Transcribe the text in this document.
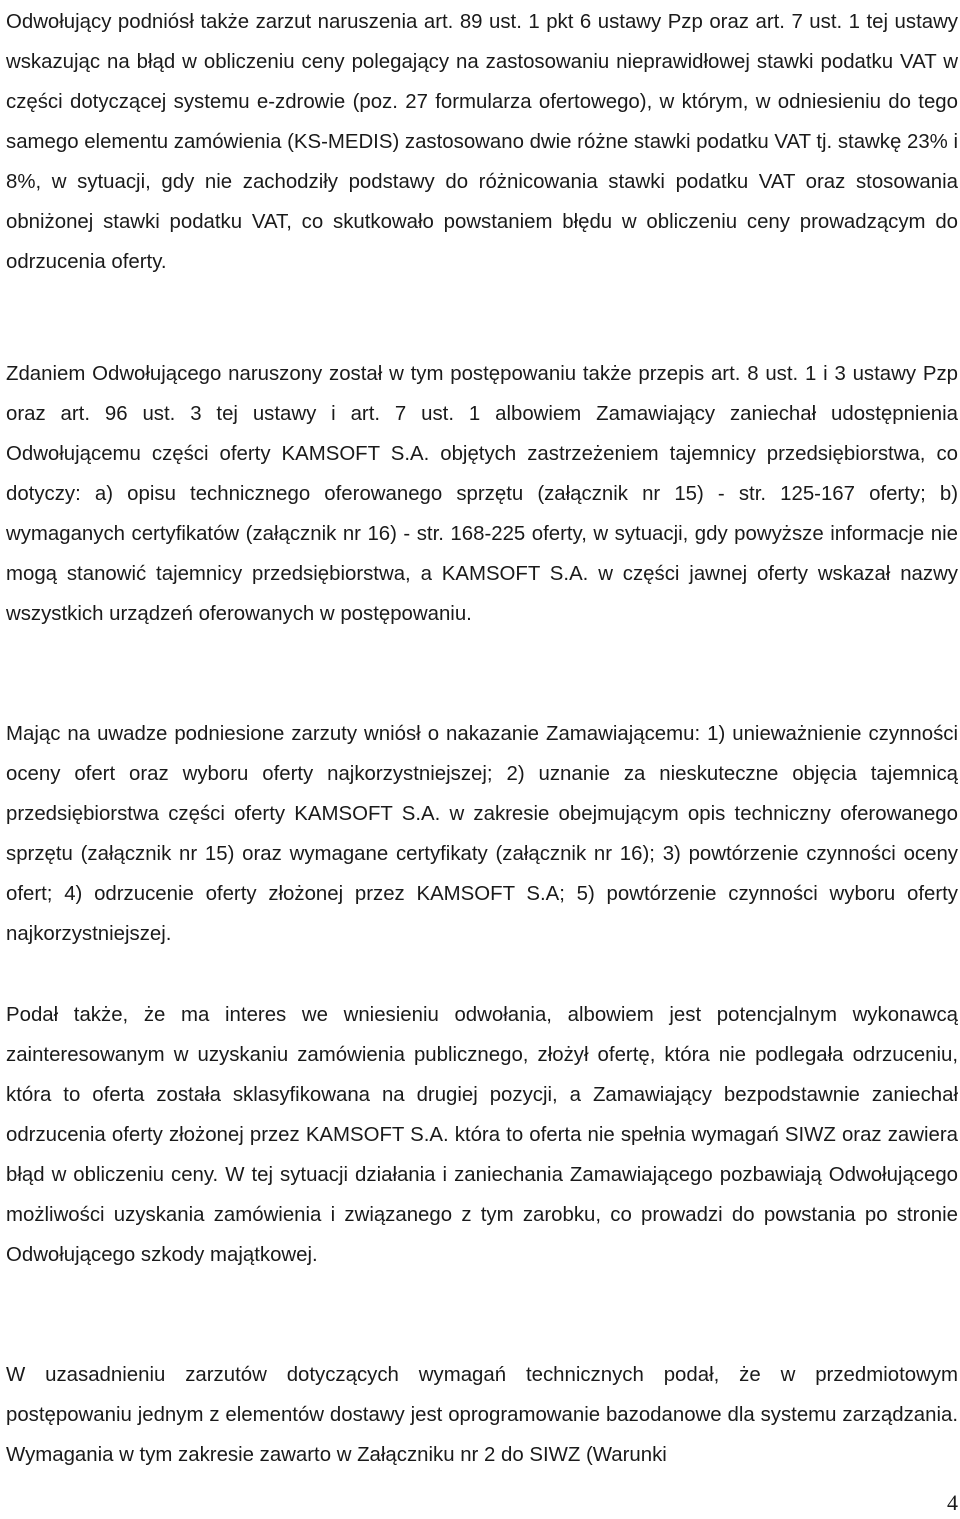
Odwołujący podniósł także zarzut naruszenia art. 89 ust. 1 pkt 6 ustawy Pzp oraz art. 7 ust. 1 tej ustawy wskazując na błąd w obliczeniu ceny polegający na zastosowaniu nieprawidłowej stawki podatku VAT w części dotyczącej systemu e-zdrowie (poz. 27 formularza ofertowego), w którym, w odniesieniu do tego samego elementu zamówienia (KS-MEDIS) zastosowano dwie różne stawki podatku VAT tj. stawkę 23% i 8%, w sytuacji, gdy nie zachodziły podstawy do różnicowania stawki podatku VAT oraz stosowania obniżonej stawki podatku VAT, co skutkowało powstaniem błędu w obliczeniu ceny prowadzącym do odrzucenia oferty.

Zdaniem Odwołującego naruszony został w tym postępowaniu także przepis art. 8 ust. 1 i 3 ustawy Pzp oraz art. 96 ust. 3 tej ustawy i art. 7 ust. 1 albowiem Zamawiający zaniechał udostępnienia Odwołującemu części oferty KAMSOFT S.A. objętych zastrzeżeniem tajemnicy przedsiębiorstwa, co dotyczy: a) opisu technicznego oferowanego sprzętu (załącznik nr 15) - str. 125-167 oferty; b) wymaganych certyfikatów (załącznik nr 16) - str. 168-225 oferty, w sytuacji, gdy powyższe informacje nie mogą stanowić tajemnicy przedsiębiorstwa, a KAMSOFT S.A. w części jawnej oferty wskazał nazwy wszystkich urządzeń oferowanych w postępowaniu.

Mając na uwadze podniesione zarzuty wniósł o nakazanie Zamawiającemu: 1) unieważnienie czynności oceny ofert oraz wyboru oferty najkorzystniejszej; 2) uznanie za nieskuteczne objęcia tajemnicą przedsiębiorstwa części oferty KAMSOFT S.A. w zakresie obejmującym opis techniczny oferowanego sprzętu (załącznik nr 15) oraz wymagane certyfikaty (załącznik nr 16); 3) powtórzenie czynności oceny ofert; 4) odrzucenie oferty złożonej przez KAMSOFT S.A; 5) powtórzenie czynności wyboru oferty najkorzystniejszej.

Podał także, że ma interes we wniesieniu odwołania, albowiem jest potencjalnym wykonawcą zainteresowanym w uzyskaniu zamówienia publicznego, złożył ofertę, która nie podlegała odrzuceniu, która to oferta została sklasyfikowana na drugiej pozycji, a Zamawiający bezpodstawnie zaniechał odrzucenia oferty złożonej przez KAMSOFT S.A. która to oferta nie spełnia wymagań SIWZ oraz zawiera błąd w obliczeniu ceny. W tej sytuacji działania i zaniechania Zamawiającego pozbawiają Odwołującego możliwości uzyskania zamówienia i związanego z tym zarobku, co prowadzi do powstania po stronie Odwołującego szkody majątkowej.

W uzasadnieniu zarzutów dotyczących wymagań technicznych podał, że w przedmiotowym postępowaniu jednym z elementów dostawy jest oprogramowanie bazodanowe dla systemu zarządzania. Wymagania w tym zakresie zawarto w Załączniku nr 2 do SIWZ (Warunki

4
